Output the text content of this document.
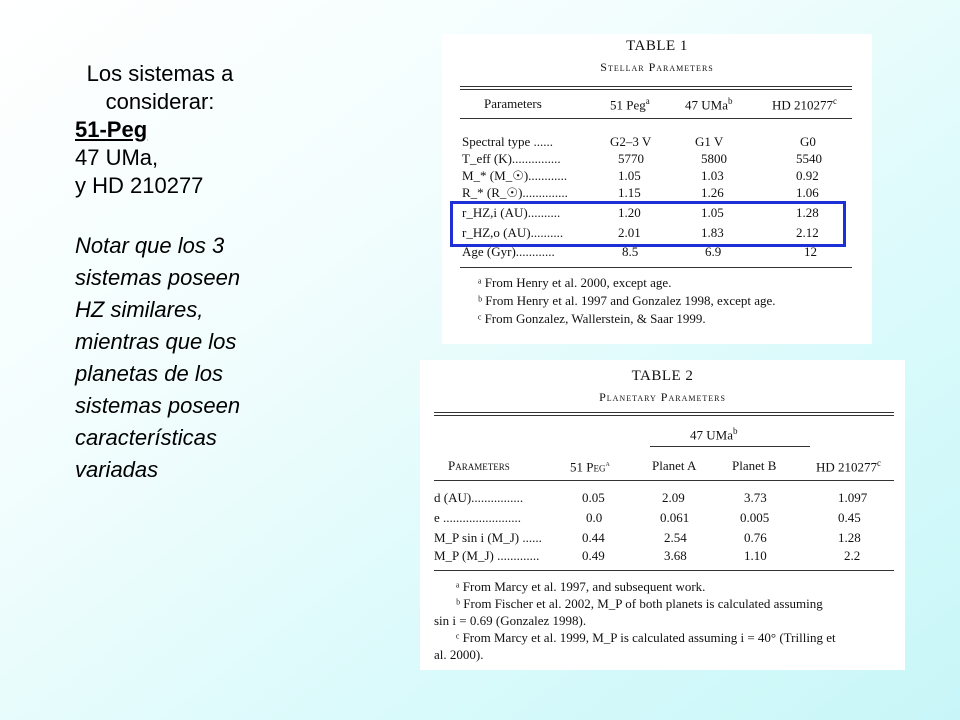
Los sistemas a
considerar:
51-Peg
47 UMa,
y HD 210277
Notar que los 3
sistemas poseen
HZ similares,
mientras que los
planetas de los
sistemas poseen
características
variadas
TABLE 1
Stellar Parameters
Parameters	51 Peg$^a$	47 UMa$^b$	HD 210277$^c$
Spectral type ......	G2–3 V	G1 V	G0
T_eff (K)...............	5770	5800	5540
M_* (M_☉)............	1.05	1.03	0.92
R_* (R_☉)..............	1.15	1.26	1.06
r_HZ,i (AU)..........	1.20	1.05	1.28
r_HZ,o (AU)..........	2.01	1.83	2.12
Age (Gyr)............	8.5	6.9	12
ᵃ From Henry et al. 2000, except age.
ᵇ From Henry et al. 1997 and Gonzalez 1998, except age.
ᶜ From Gonzalez, Wallerstein, & Saar 1999.
TABLE 2
Planetary Parameters
47 UMa$^b$
Parameters	51 Peg$^a$	Planet A	Planet B	HD 210277$^c$
d (AU)................	0.05	2.09	3.73	1.097
e ........................	0.0	0.061	0.005	0.45
M_P sin i (M_J) ......	0.44	2.54	0.76	1.28
M_P (M_J) .............	0.49	3.68	1.10	2.2
ᵃ From Marcy et al. 1997, and subsequent work.
ᵇ From Fischer et al. 2002, M_P of both planets is calculated assuming
sin i = 0.69 (Gonzalez 1998).
ᶜ From Marcy et al. 1999, M_P is calculated assuming i = 40° (Trilling et
al. 2000).
